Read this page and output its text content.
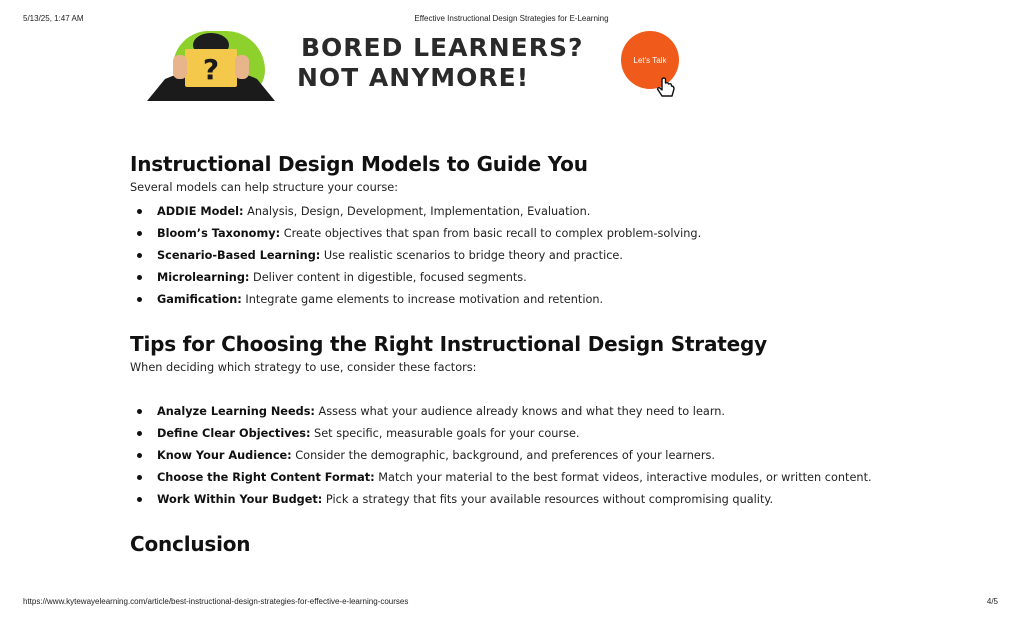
5/13/25, 1:47 AM	Effective Instructional Design Strategies for E-Learning
?
BORED LEARNERS?
NOT ANYMORE!
Let's Talk
Instructional Design Models to Guide You

Several models can help structure your course:

ADDIE Model: Analysis, Design, Development, Implementation, Evaluation.
Bloom’s Taxonomy: Create objectives that span from basic recall to complex problem-solving.
Scenario-Based Learning: Use realistic scenarios to bridge theory and practice.
Microlearning: Deliver content in digestible, focused segments.
Gamification: Integrate game elements to increase motivation and retention.
Tips for Choosing the Right Instructional Design Strategy

When deciding which strategy to use, consider these factors:

Analyze Learning Needs: Assess what your audience already knows and what they need to learn.
Define Clear Objectives: Set specific, measurable goals for your course.
Know Your Audience: Consider the demographic, background, and preferences of your learners.
Choose the Right Content Format: Match your material to the best format videos, interactive modules, or written content.
Work Within Your Budget: Pick a strategy that fits your available resources without compromising quality.
Conclusion
https://www.kytewayelearning.com/article/best-instructional-design-strategies-for-effective-e-learning-courses	4/5
